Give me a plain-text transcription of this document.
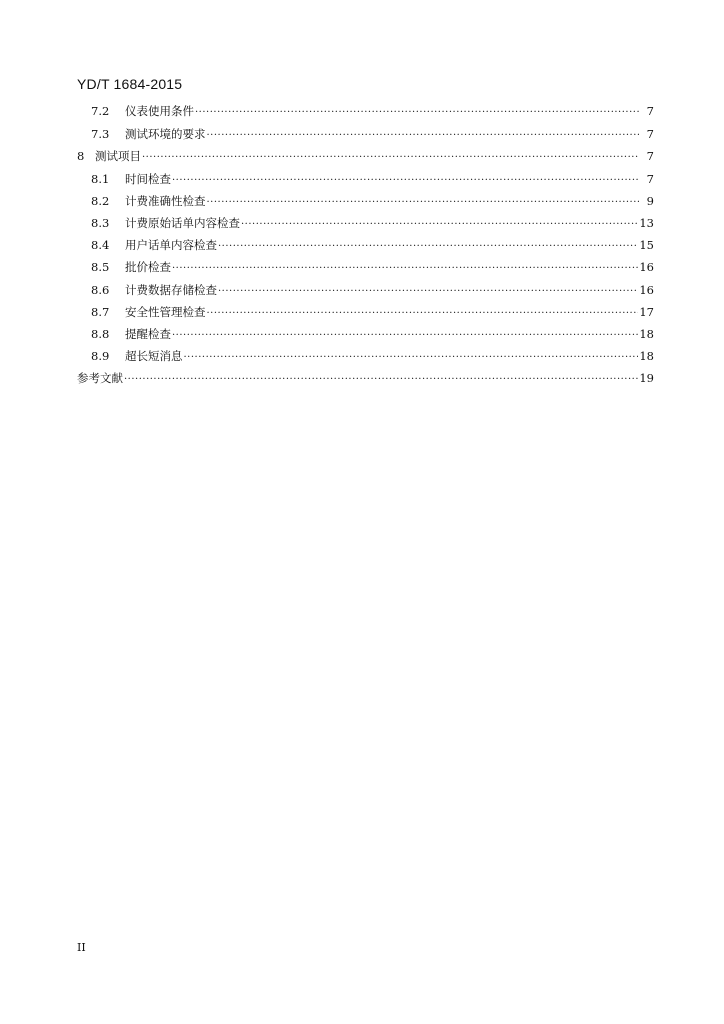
YD/T 1684-2015
7.2 仪表使用条件 ·····	7
7.3 测试环境的要求 ·····	7
8 测试项目 ·····	7
8.1 时间检查 ·····	7
8.2 计费准确性检查 ·····	9
8.3 计费原始话单内容检查 ·····	13
8.4 用户话单内容检查 ·····	15
8.5 批价检查 ·····	16
8.6 计费数据存储检查 ·····	16
8.7 安全性管理检查 ·····	17
8.8 提醒检查 ·····	18
8.9 超长短消息 ·····	18
参考文献 ·····	19
II
